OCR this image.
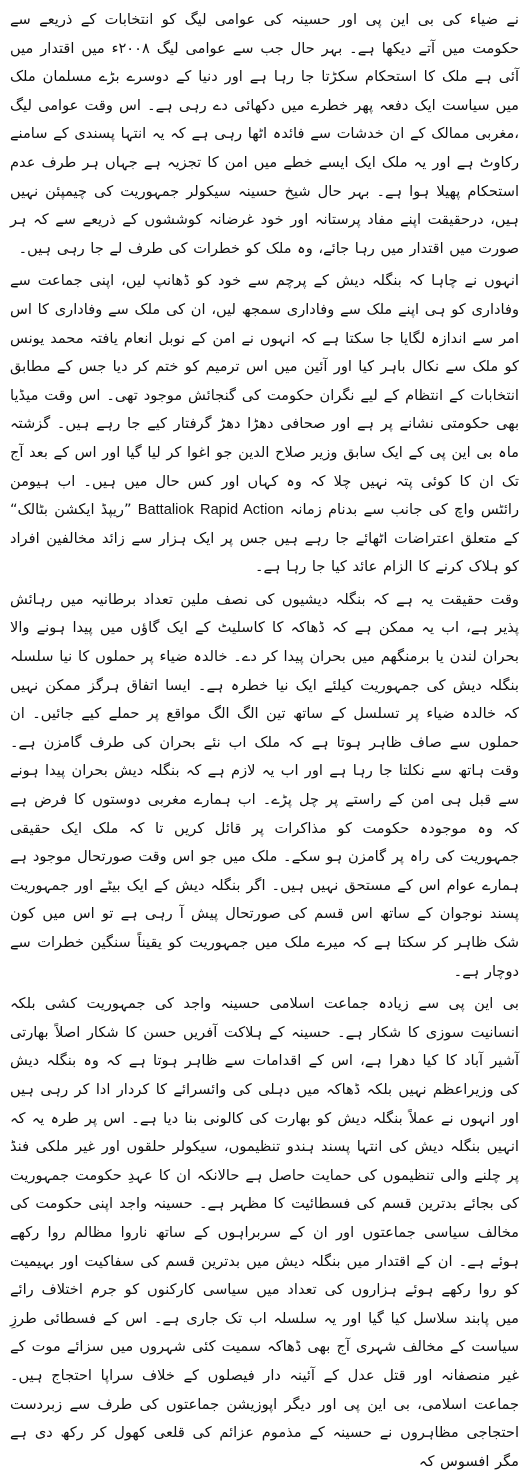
نے ضیاء کی بی این پی اور حسینہ کی عوامی لیگ کو انتخابات کے ذریعے سے حکومت میں آتے دیکھا ہے۔ بہر حال جب سے عوامی لیگ ۲۰۰۸ء میں اقتدار میں آئی ہے ملک کا استحکام سکڑتا جا رہا ہے اور دنیا کے دوسرے بڑے مسلمان ملک میں سیاست ایک دفعہ پھر خطرے میں دکھائی دے رہی ہے۔ اس وقت عوامی لیگ ،مغربی ممالک کے ان خدشات سے فائدہ اٹھا رہی ہے کہ یہ انتہا پسندی کے سامنے رکاوٹ ہے اور یہ ملک ایک ایسے خطے میں امن کا تجزیہ ہے جہاں ہر طرف عدم استحکام پھیلا ہوا ہے۔ بہر حال شیخ حسینہ سیکولر جمہوریت کی چیمپئن نہیں ہیں، درحقیقت اپنے مفاد پرستانہ اور خود غرضانہ کوششوں کے ذریعے سے کہ ہر صورت میں اقتدار میں رہا جائے، وہ ملک کو خطرات کی طرف لے جا رہی ہیں۔

انہوں نے چاہا کہ بنگلہ دیش کے پرچم سے خود کو ڈھانپ لیں، اپنی جماعت سے وفاداری کو ہی اپنے ملک سے وفاداری سمجھ لیں، ان کی ملک سے وفاداری کا اس امر سے اندازہ لگایا جا سکتا ہے کہ انہوں نے امن کے نوبل انعام یافتہ محمد یونس کو ملک سے نکال باہر کیا اور آئین میں اس ترمیم کو ختم کر دیا جس کے مطابق انتخابات کے انتظام کے لیے نگران حکومت کی گنجائش موجود تھی۔ اس وقت میڈیا بھی حکومتی نشانے پر ہے اور صحافی دھڑا دھڑ گرفتار کیے جا رہے ہیں۔ گزشتہ ماہ بی این پی کے ایک سابق وزیر صلاح الدین جو اغوا کر لیا گیا اور اس کے بعد آج تک ان کا کوئی پتہ نہیں چلا کہ وہ کہاں اور کس حال میں ہیں۔ اب ہیومن رائٹس واچ کی جانب سے بدنام زمانہ Rapid Action Battaliok ”ریپڈ ایکشن بٹالک“ کے متعلق اعتراضات اٹھائے جا رہے ہیں جس پر ایک ہزار سے زائد مخالفین افراد کو ہلاک کرنے کا الزام عائد کیا جا رہا ہے۔

وقت حقیقت یہ ہے کہ بنگلہ دیشیوں کی نصف ملین تعداد برطانیہ میں رہائش پذیر ہے، اب یہ ممکن ہے کہ ڈھاکہ کا کاسلیٹ کے ایک گاؤں میں پیدا ہونے والا بحران لندن یا برمنگھم میں بحران پیدا کر دے۔ خالدہ ضیاء پر حملوں کا نیا سلسلہ بنگلہ دیش کی جمہوریت کیلئے ایک نیا خطرہ ہے۔ ایسا اتفاق ہرگز ممکن نہیں کہ خالدہ ضیاء پر تسلسل کے ساتھ تین الگ الگ مواقع پر حملے کیے جائیں۔ ان حملوں سے صاف ظاہر ہوتا ہے کہ ملک اب نئے بحران کی طرف گامزن ہے۔ وقت ہاتھ سے نکلتا جا رہا ہے اور اب یہ لازم ہے کہ بنگلہ دیش بحران پیدا ہونے سے قبل ہی امن کے راستے پر چل پڑے۔ اب ہمارے مغربی دوستوں کا فرض ہے کہ وہ موجودہ حکومت کو مذاکرات پر قائل کریں تا کہ ملک ایک حقیقی جمہوریت کی راہ پر گامزن ہو سکے۔ ملک میں جو اس وقت صورتحال موجود ہے ہمارے عوام اس کے مستحق نہیں ہیں۔ اگر بنگلہ دیش کے ایک بیٹے اور جمہوریت پسند نوجوان کے ساتھ اس قسم کی صورتحال پیش آ رہی ہے تو اس میں کون شک ظاہر کر سکتا ہے کہ میرے ملک میں جمہوریت کو یقیناً سنگین خطرات سے دوچار ہے۔

بی این پی سے زیادہ جماعت اسلامی حسینہ واجد کی جمہوریت کشی بلکہ انسانیت سوزی کا شکار ہے۔ حسینہ کے ہلاکت آفریں حسن کا شکار اصلاً بھارتی آشیر آباد کا کیا دھرا ہے، اس کے اقدامات سے ظاہر ہوتا ہے کہ وہ بنگلہ دیش کی وزیراعظم نہیں بلکہ ڈھاکہ میں دہلی کی وائسرائے کا کردار ادا کر رہی ہیں اور انہوں نے عملاً بنگلہ دیش کو بھارت کی کالونی بنا دیا ہے۔ اس پر طرہ یہ کہ انہیں بنگلہ دیش کی انتہا پسند ہندو تنظیموں، سیکولر حلقوں اور غیر ملکی فنڈ پر چلنے والی تنظیموں کی حمایت حاصل ہے حالانکہ ان کا عہدِ حکومت جمہوریت کی بجائے بدترین قسم کی فسطائیت کا مظہر ہے۔ حسینہ واجد اپنی حکومت کی مخالف سیاسی جماعتوں اور ان کے سربراہوں کے ساتھ ناروا مظالم روا رکھے ہوئے ہے۔ ان کے اقتدار میں بنگلہ دیش میں بدترین قسم کی سفاکیت اور بہیمیت کو روا رکھے ہوئے ہزاروں کی تعداد میں سیاسی کارکنوں کو جرم اختلاف رائے میں پابند سلاسل کیا گیا اور یہ سلسلہ اب تک جاری ہے۔ اس کے فسطائی طرزِ سیاست کے مخالف شہری آج بھی ڈھاکہ سمیت کئی شہروں میں سزائے موت کے غیر منصفانہ اور قتل عدل کے آئینہ دار فیصلوں کے خلاف سراپا احتجاج ہیں۔ جماعت اسلامی، بی این پی اور دیگر اپوزیشن جماعتوں کی طرف سے زبردست احتجاجی مظاہروں نے حسینہ کے مذموم عزائم کی قلعی کھول کر رکھ دی ہے مگر افسوس کہ
